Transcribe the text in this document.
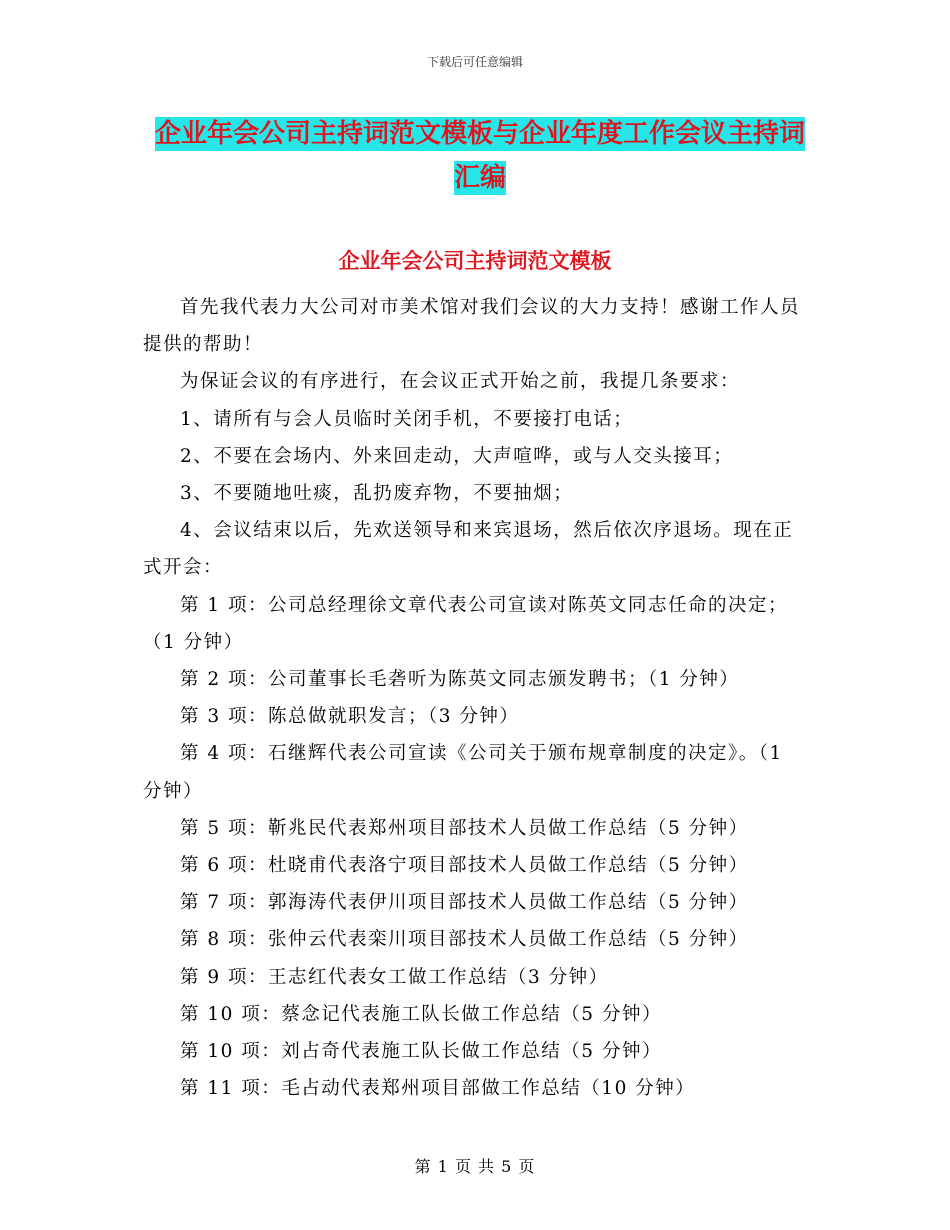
下载后可任意编辑
企业年会公司主持词范文模板与企业年度工作会议主持词汇编
企业年会公司主持词范文模板

首先我代表力大公司对市美术馆对我们会议的大力支持！感谢工作人员提供的帮助！

为保证会议的有序进行，在会议正式开始之前，我提几条要求：

1、请所有与会人员临时关闭手机，不要接打电话；

2、不要在会场内、外来回走动，大声喧哗，或与人交头接耳；

3、不要随地吐痰，乱扔废弃物，不要抽烟；

4、会议结束以后，先欢送领导和来宾退场，然后依次序退场。现在正式开会：

第 1 项：公司总经理徐文章代表公司宣读对陈英文同志任命的决定；（1 分钟）

第 2 项：公司董事长毛砻听为陈英文同志颁发聘书；（1 分钟）

第 3 项：陈总做就职发言；（3 分钟）

第 4 项：石继辉代表公司宣读《公司关于颁布规章制度的决定》。（1 分钟）

第 5 项：靳兆民代表郑州项目部技术人员做工作总结（5 分钟）

第 6 项：杜晓甫代表洛宁项目部技术人员做工作总结（5 分钟）

第 7 项：郭海涛代表伊川项目部技术人员做工作总结（5 分钟）

第 8 项：张仲云代表栾川项目部技术人员做工作总结（5 分钟）

第 9 项：王志红代表女工做工作总结（3 分钟）

第 10 项：蔡念记代表施工队长做工作总结（5 分钟）

第 10 项：刘占奇代表施工队长做工作总结（5 分钟）

第 11 项：毛占动代表郑州项目部做工作总结（10 分钟）

第 1 页 共 5 页
